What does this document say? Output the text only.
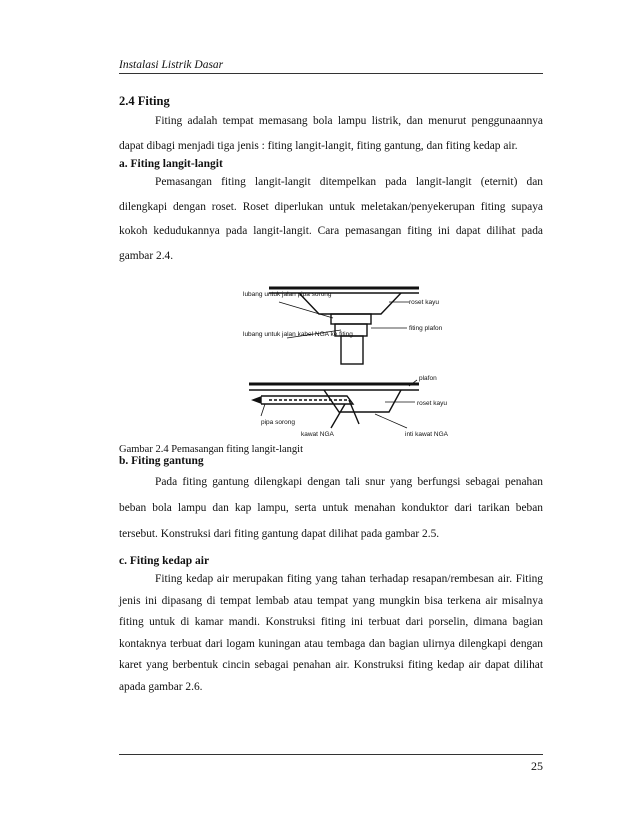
Instalasi Listrik Dasar

2.4 Fiting

Fiting adalah tempat memasang bola lampu listrik, dan menurut penggunaannya dapat dibagi menjadi tiga jenis : fiting langit-langit, fiting gantung, dan fiting kedap air.

a. Fiting langit-langit

Pemasangan fiting langit-langit ditempelkan pada langit-langit (eternit) dan dilengkapi dengan roset. Roset diperlukan untuk meletakan/penyekerupan fiting supaya kokoh kedudukannya pada langit-langit. Cara pemasangan fiting ini dapat dilihat pada gambar 2.4.

lubang untuk jalan pipa sorong
roset kayu
fiting plafon
lubang untuk jalan kabel NGA ke fiting
plafon
pipa sorong
roset kayu
kawat NGA	inti kawat NGA

Gambar 2.4 Pemasangan fiting langit-langit

b. Fiting gantung

Pada fiting gantung dilengkapi dengan tali snur yang berfungsi sebagai penahan beban bola lampu dan kap lampu, serta untuk menahan konduktor dari tarikan beban tersebut. Konstruksi dari fiting gantung dapat dilihat pada gambar 2.5.

c. Fiting kedap air

Fiting kedap air merupakan fiting yang tahan terhadap resapan/rembesan air. Fiting jenis ini dipasang di tempat lembab atau tempat yang mungkin bisa terkena air misalnya fiting untuk di kamar mandi. Konstruksi fiting ini terbuat dari porselin, dimana bagian kontaknya terbuat dari logam kuningan atau tembaga dan bagian ulirnya dilengkapi dengan karet yang berbentuk cincin sebagai penahan air. Konstruksi fiting kedap air dapat dilihat apada gambar 2.6.

25
